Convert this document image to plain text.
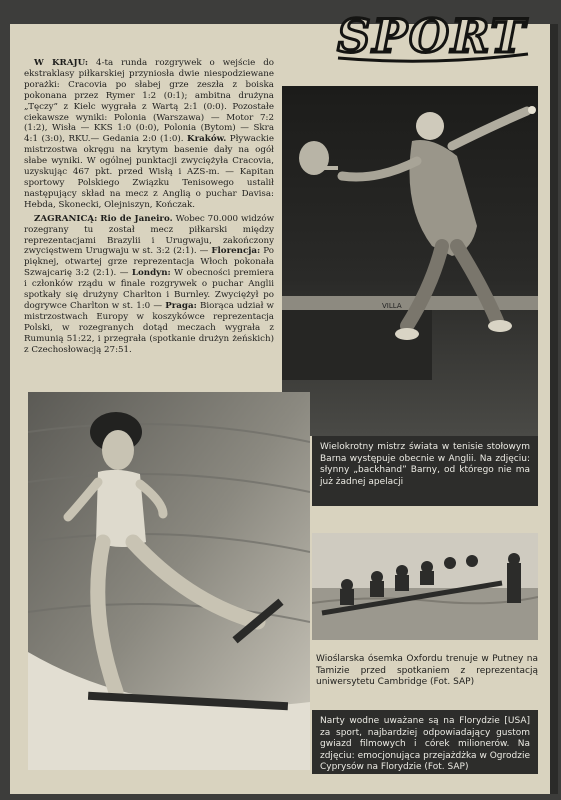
SPORT

W KRAJU: 4-ta runda rozgrywek o wejście do ekstraklasy piłkarskiej przyniosła dwie niespodziewane porażki: Cracovia po słabej grze zeszła z boiska pokonana przez Rymer 1:2 (0:1); ambitna drużyna „Tęczy” z Kielc wygrała z Wartą 2:1 (0:0). Pozostałe ciekawsze wyniki: Polonia (Warszawa) — Motor 7:2 (1:2), Wisła — KKS 1:0 (0:0), Polonia (Bytom) — Skra 4:1 (3:0), RKU.— Gedania 2:0 (1:0). Kraków. Pływackie mistrzostwa okręgu na krytym basenie dały na ogół słabe wyniki. W ogólnej punktacji zwyciężyła Cracovia, uzyskując 467 pkt. przed Wisłą i AZS-m. — Kapitan sportowy Polskiego Związku Tenisowego ustalił następujący skład na mecz z Anglią o puchar Davisa: Hebda, Skonecki, Olejniszyn, Kończak.

ZAGRANICĄ: Rio de Janeiro. Wobec 70.000 widzów rozegrany tu został mecz piłkarski między reprezentacjami Brazylii i Urugwaju, zakończony zwycięstwem Urugwaju w st. 3:2 (2:1). — Florencja: Po pięknej, otwartej grze reprezentacja Włoch pokonała Szwajcarię 3:2 (2:1). — Londyn: W obecności premiera i członków rządu w finale rozgrywek o puchar Anglii spotkały się drużyny Charlton i Burnley. Zwyciężył po dogrywce Charlton w st. 1:0 — Praga: Biorąca udział w mistrzostwach Europy w koszykówce reprezentacja Polski, w rozegranych dotąd meczach wygrała z Rumunią 51:22, i przegrała (spotkanie drużyn żeńskich) z Czechosłowacją 27:51.

VILLA
Wielokrotny mistrz świata w tenisie stołowym Barna występuje obecnie w Anglii. Na zdjęciu: słynny „backhand” Barny, od którego nie ma już żadnej apelacji
Wioślarska ósemka Oxfordu trenuje w Putney na Tamizie przed spotkaniem z reprezentacją uniwersytetu Cambridge (Fot. SAP)
Narty wodne uważane są na Florydzie [USA] za sport, najbardziej odpowiadający gustom gwiazd filmowych i córek milionerów. Na zdjęciu: emocjonująca przejażdżka w Ogrodzie Cyprysów na Florydzie (Fot. SAP)
